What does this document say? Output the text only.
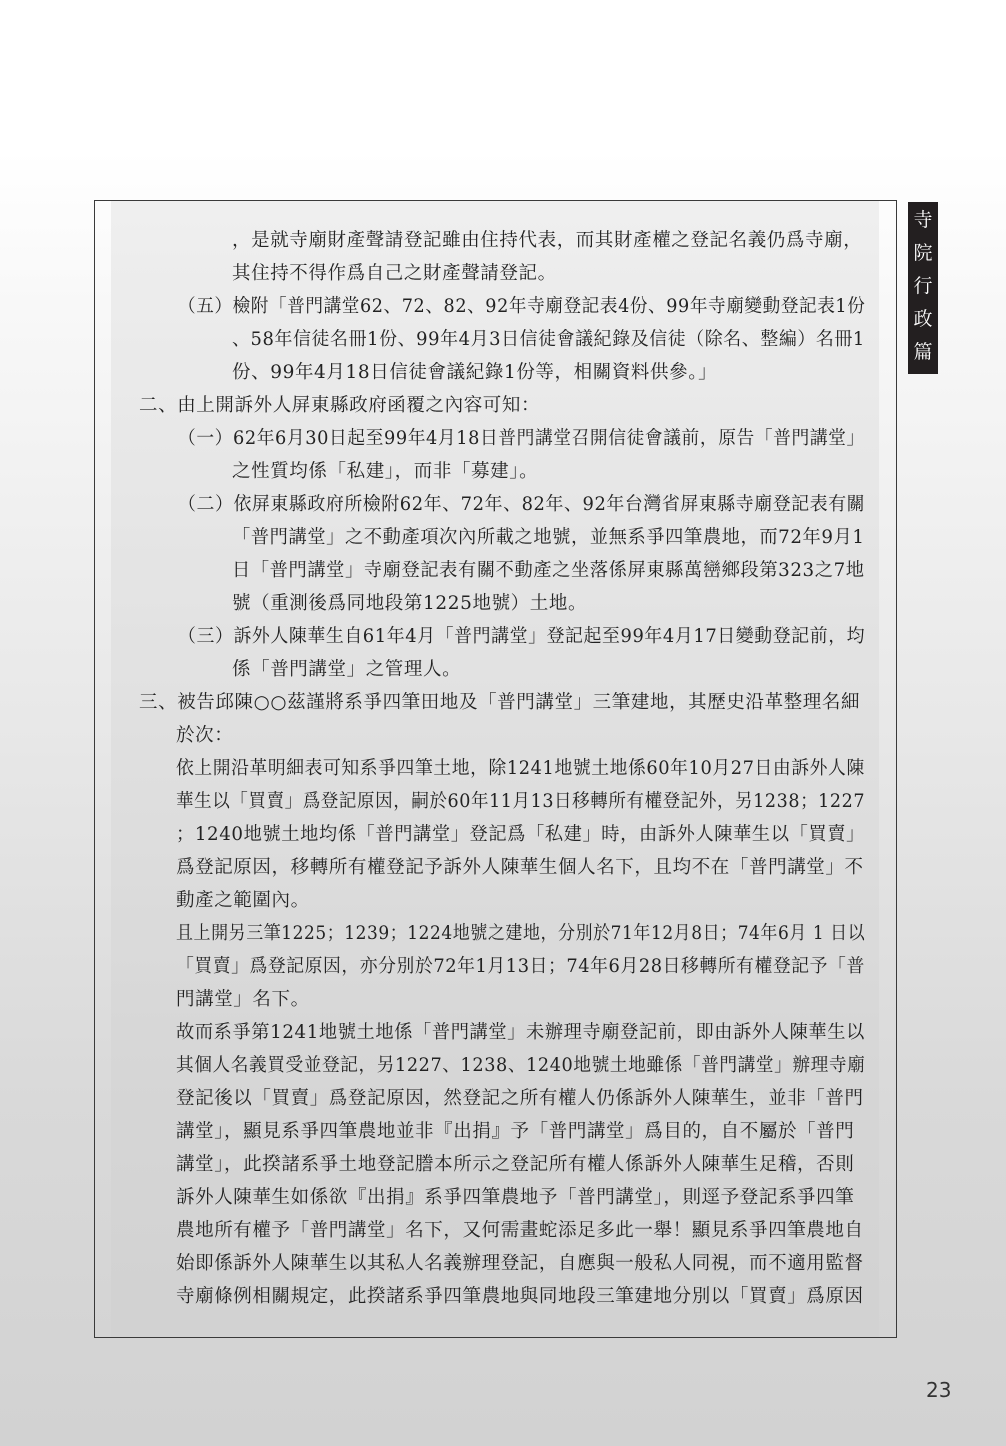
，是就寺廟財產聲請登記雖由住持代表，而其財產權之登記名義仍爲寺廟，
其住持不得作爲自己之財產聲請登記。
（五）檢附「普門講堂62、72、82、92年寺廟登記表4份、99年寺廟變動登記表1份
、58年信徒名冊1份、99年4月3日信徒會議紀錄及信徒（除名、整編）名冊1
份、99年4月18日信徒會議紀錄1份等，相關資料供參。」
二、由上開訴外人屏東縣政府函覆之內容可知：
（一）62年6月30日起至99年4月18日普門講堂召開信徒會議前，原告「普門講堂」
之性質均係「私建」，而非「募建」。
（二）依屏東縣政府所檢附62年、72年、82年、92年台灣省屏東縣寺廟登記表有關
「普門講堂」之不動產項次內所載之地號，並無系爭四筆農地，而72年9月1
日「普門講堂」寺廟登記表有關不動產之坐落係屏東縣萬巒鄉段第323之7地
號（重測後爲同地段第1225地號）土地。
（三）訴外人陳華生自61年4月「普門講堂」登記起至99年4月17日變動登記前，均
係「普門講堂」之管理人。
三、被告邱陳○○茲謹將系爭四筆田地及「普門講堂」三筆建地，其歷史沿革整理名細
於次：
依上開沿革明細表可知系爭四筆土地，除1241地號土地係60年10月27日由訴外人陳
華生以「買賣」爲登記原因，嗣於60年11月13日移轉所有權登記外，另1238；1227
；1240地號土地均係「普門講堂」登記爲「私建」時，由訴外人陳華生以「買賣」
爲登記原因，移轉所有權登記予訴外人陳華生個人名下，且均不在「普門講堂」不
動產之範圍內。
且上開另三筆1225；1239；1224地號之建地，分別於71年12月8日；74年6月 1 日以
「買賣」爲登記原因，亦分別於72年1月13日；74年6月28日移轉所有權登記予「普
門講堂」名下。
故而系爭第1241地號土地係「普門講堂」未辦理寺廟登記前，即由訴外人陳華生以
其個人名義買受並登記，另1227、1238、1240地號土地雖係「普門講堂」辦理寺廟
登記後以「買賣」爲登記原因，然登記之所有權人仍係訴外人陳華生，並非「普門
講堂」，顯見系爭四筆農地並非『出捐』予「普門講堂」爲目的，自不屬於「普門
講堂」，此揆諸系爭土地登記謄本所示之登記所有權人係訴外人陳華生足稽，否則
訴外人陳華生如係欲『出捐』系爭四筆農地予「普門講堂」，則逕予登記系爭四筆
農地所有權予「普門講堂」名下，又何需畫蛇添足多此一舉！顯見系爭四筆農地自
始即係訴外人陳華生以其私人名義辦理登記，自應與一般私人同視，而不適用監督
寺廟條例相關規定，此揆諸系爭四筆農地與同地段三筆建地分別以「買賣」爲原因
寺
院
行
政
篇
23
